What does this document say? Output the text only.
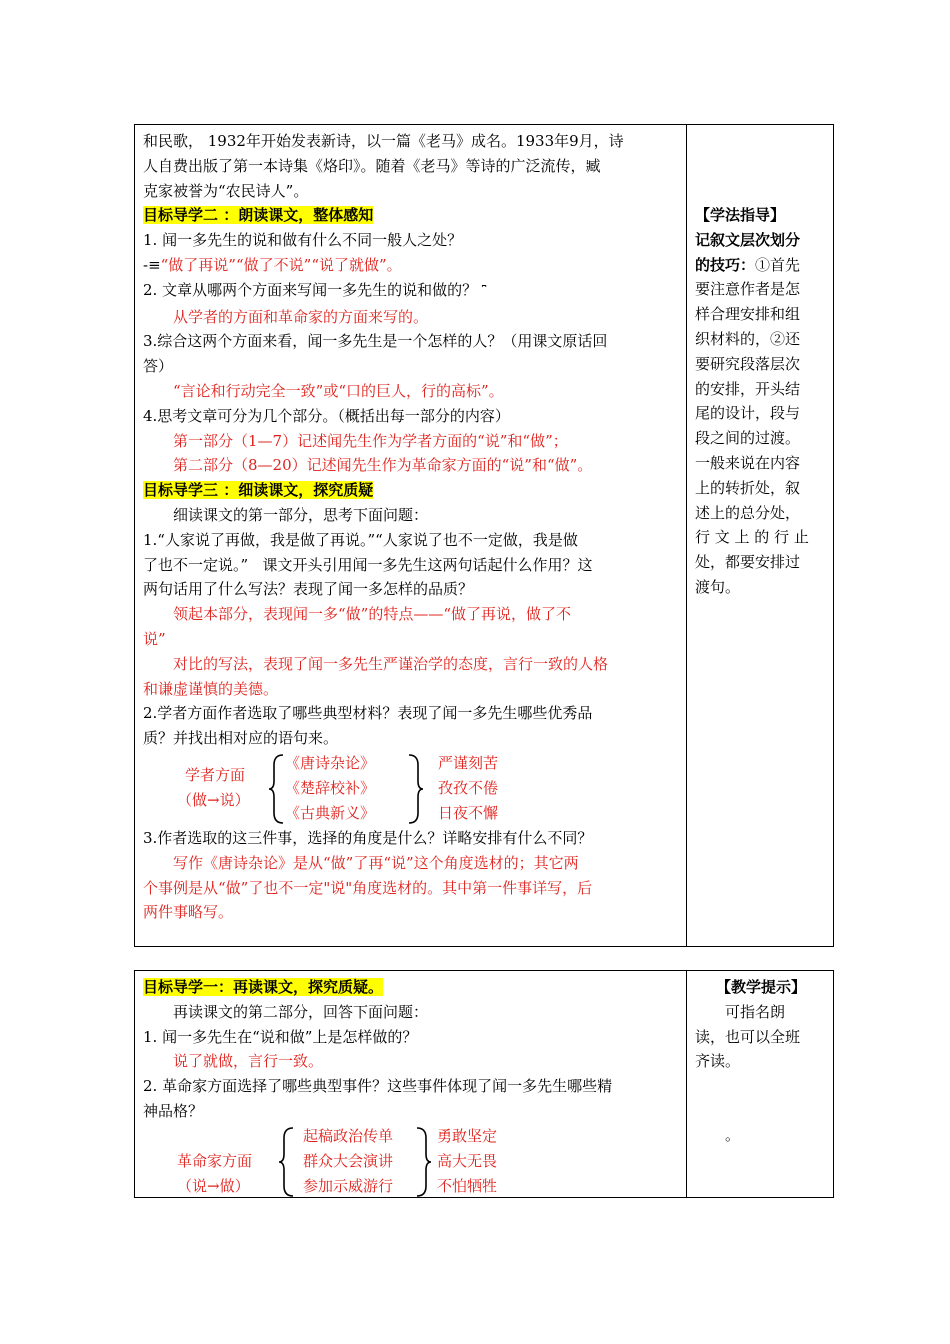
和民歌， 1932年开始发表新诗，以一篇《老马》成名。1933年9月，诗

人自费出版了第一本诗集《烙印》。随着《老马》等诗的广泛流传，臧

克家被誉为“农民诗人”。

目标导学二 ：朗读课文，整体感知

1. 闻一多先生的说和做有什么不同一般人之处？

-≡“做了再说”“做了不说”“说了就做”。

2. 文章从哪两个方面来写闻一多先生的说和做的？ ⎴

从学者的方面和革命家的方面来写的。

3.综合这两个方面来看，闻一多先生是一个怎样的人？（用课文原话回

答）

“言论和行动完全一致”或“口的巨人，行的高标”。

4.思考文章可分为几个部分。（概括出每一部分的内容）

第一部分（1—7）记述闻先生作为学者方面的“说”和“做”；

第二部分（8—20）记述闻先生作为革命家方面的“说”和“做”。

目标导学三 ：细读课文，探究质疑

细读课文的第一部分，思考下面问题：

1.“人家说了再做，我是做了再说。”“人家说了也不一定做，我是做

了也不一定说。”   课文开头引用闻一多先生这两句话起什么作用？这

两句话用了什么写法？表现了闻一多怎样的品质？

领起本部分，表现闻一多“做”的特点——“做了再说，做了不

说”

对比的写法，表现了闻一多先生严谨治学的态度，言行一致的人格

和谦虚谨慎的美德。

2.学者方面作者选取了哪些典型材料？表现了闻一多先生哪些优秀品

质？并找出相对应的语句来。

学者方面
（做→说）
《唐诗杂论》
《楚辞校补》
《古典新义》
严谨刻苦
孜孜不倦
日夜不懈

3.作者选取的这三件事，选择的角度是什么？详略安排有什么不同？

写作《唐诗杂论》是从“做”了再“说”这个角度选材的；其它两

个事例是从“做”了也不一定"说"角度选材的。其中第一件事详写，后

两件事略写。

【学法指导】

记叙文层次划分

的技巧：①首先

要注意作者是怎

样合理安排和组

织材料的，②还

要研究段落层次

的安排，开头结

尾的设计，段与

段之间的过渡。

一般来说在内容

上的转折处，叙

述上的总分处，

行 文 上 的 行 止

处，都要安排过

渡句。

目标导学一：再读课文，探究质疑。

再读课文的第二部分，回答下面问题：

1. 闻一多先生在“说和做”上是怎样做的？

说了就做，言行一致。

2. 革命家方面选择了哪些典型事件？这些事件体现了闻一多先生哪些精

神品格？

革命家方面
（说→做）
起稿政治传单
群众大会演讲
参加示威游行
勇敢坚定
高大无畏
不怕牺牲

【教学提示】

可指名朗

读，也可以全班

齐读。

。
